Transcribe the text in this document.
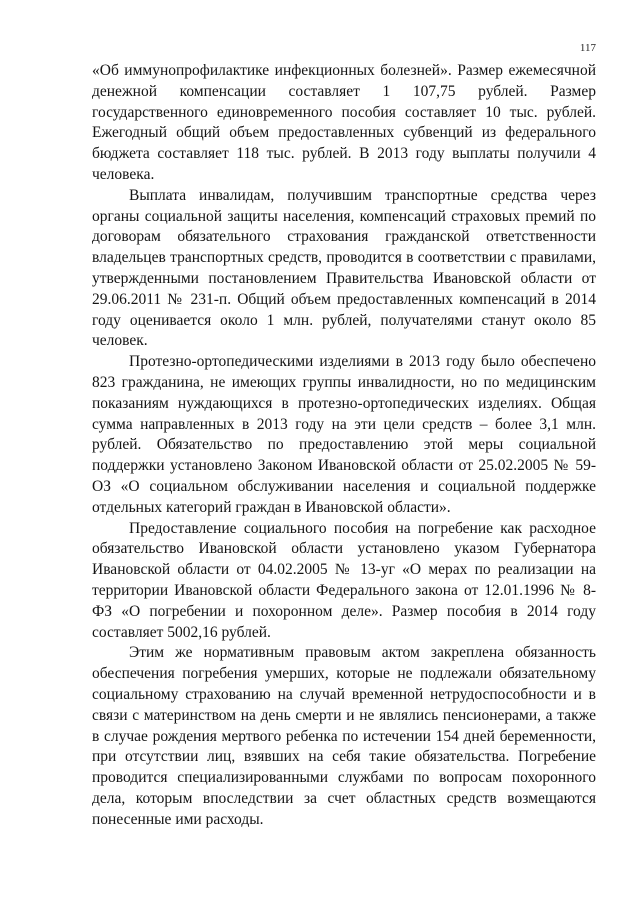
117

«Об иммунопрофилактике инфекционных болезней». Размер ежемесячной денежной компенсации составляет 1 107,75 рублей. Размер государственного единовременного пособия составляет 10 тыс. рублей. Ежегодный общий объем предоставленных субвенций из федерального бюджета составляет 118 тыс. рублей. В 2013 году выплаты получили 4 человека.

Выплата инвалидам, получившим транспортные средства через органы социальной защиты населения, компенсаций страховых премий по договорам обязательного страхования гражданской ответственности владельцев транспортных средств, проводится в соответствии с правилами, утвержденными постановлением Правительства Ивановской области от 29.06.2011 № 231-п. Общий объем предоставленных компенсаций в 2014 году оценивается около 1 млн. рублей, получателями станут около 85 человек.

Протезно-ортопедическими изделиями в 2013 году было обеспечено 823 гражданина, не имеющих группы инвалидности, но по медицинским показаниям нуждающихся в протезно-ортопедических изделиях. Общая сумма направленных в 2013 году на эти цели средств – более 3,1 млн. рублей. Обязательство по предоставлению этой меры социальной поддержки установлено Законом Ивановской области от 25.02.2005 № 59-ОЗ «О социальном обслуживании населения и социальной поддержке отдельных категорий граждан в Ивановской области».

Предоставление социального пособия на погребение как расходное обязательство Ивановской области установлено указом Губернатора Ивановской области от 04.02.2005 № 13-уг «О мерах по реализации на территории Ивановской области Федерального закона от 12.01.1996 № 8-ФЗ «О погребении и похоронном деле». Размер пособия в 2014 году составляет 5002,16 рублей.

Этим же нормативным правовым актом закреплена обязанность обеспечения погребения умерших, которые не подлежали обязательному социальному страхованию на случай временной нетрудоспособности и в связи с материнством на день смерти и не являлись пенсионерами, а также в случае рождения мертвого ребенка по истечении 154 дней беременности, при отсутствии лиц, взявших на себя такие обязательства. Погребение проводится специализированными службами по вопросам похоронного дела, которым впоследствии за счет областных средств возмещаются понесенные ими расходы.
